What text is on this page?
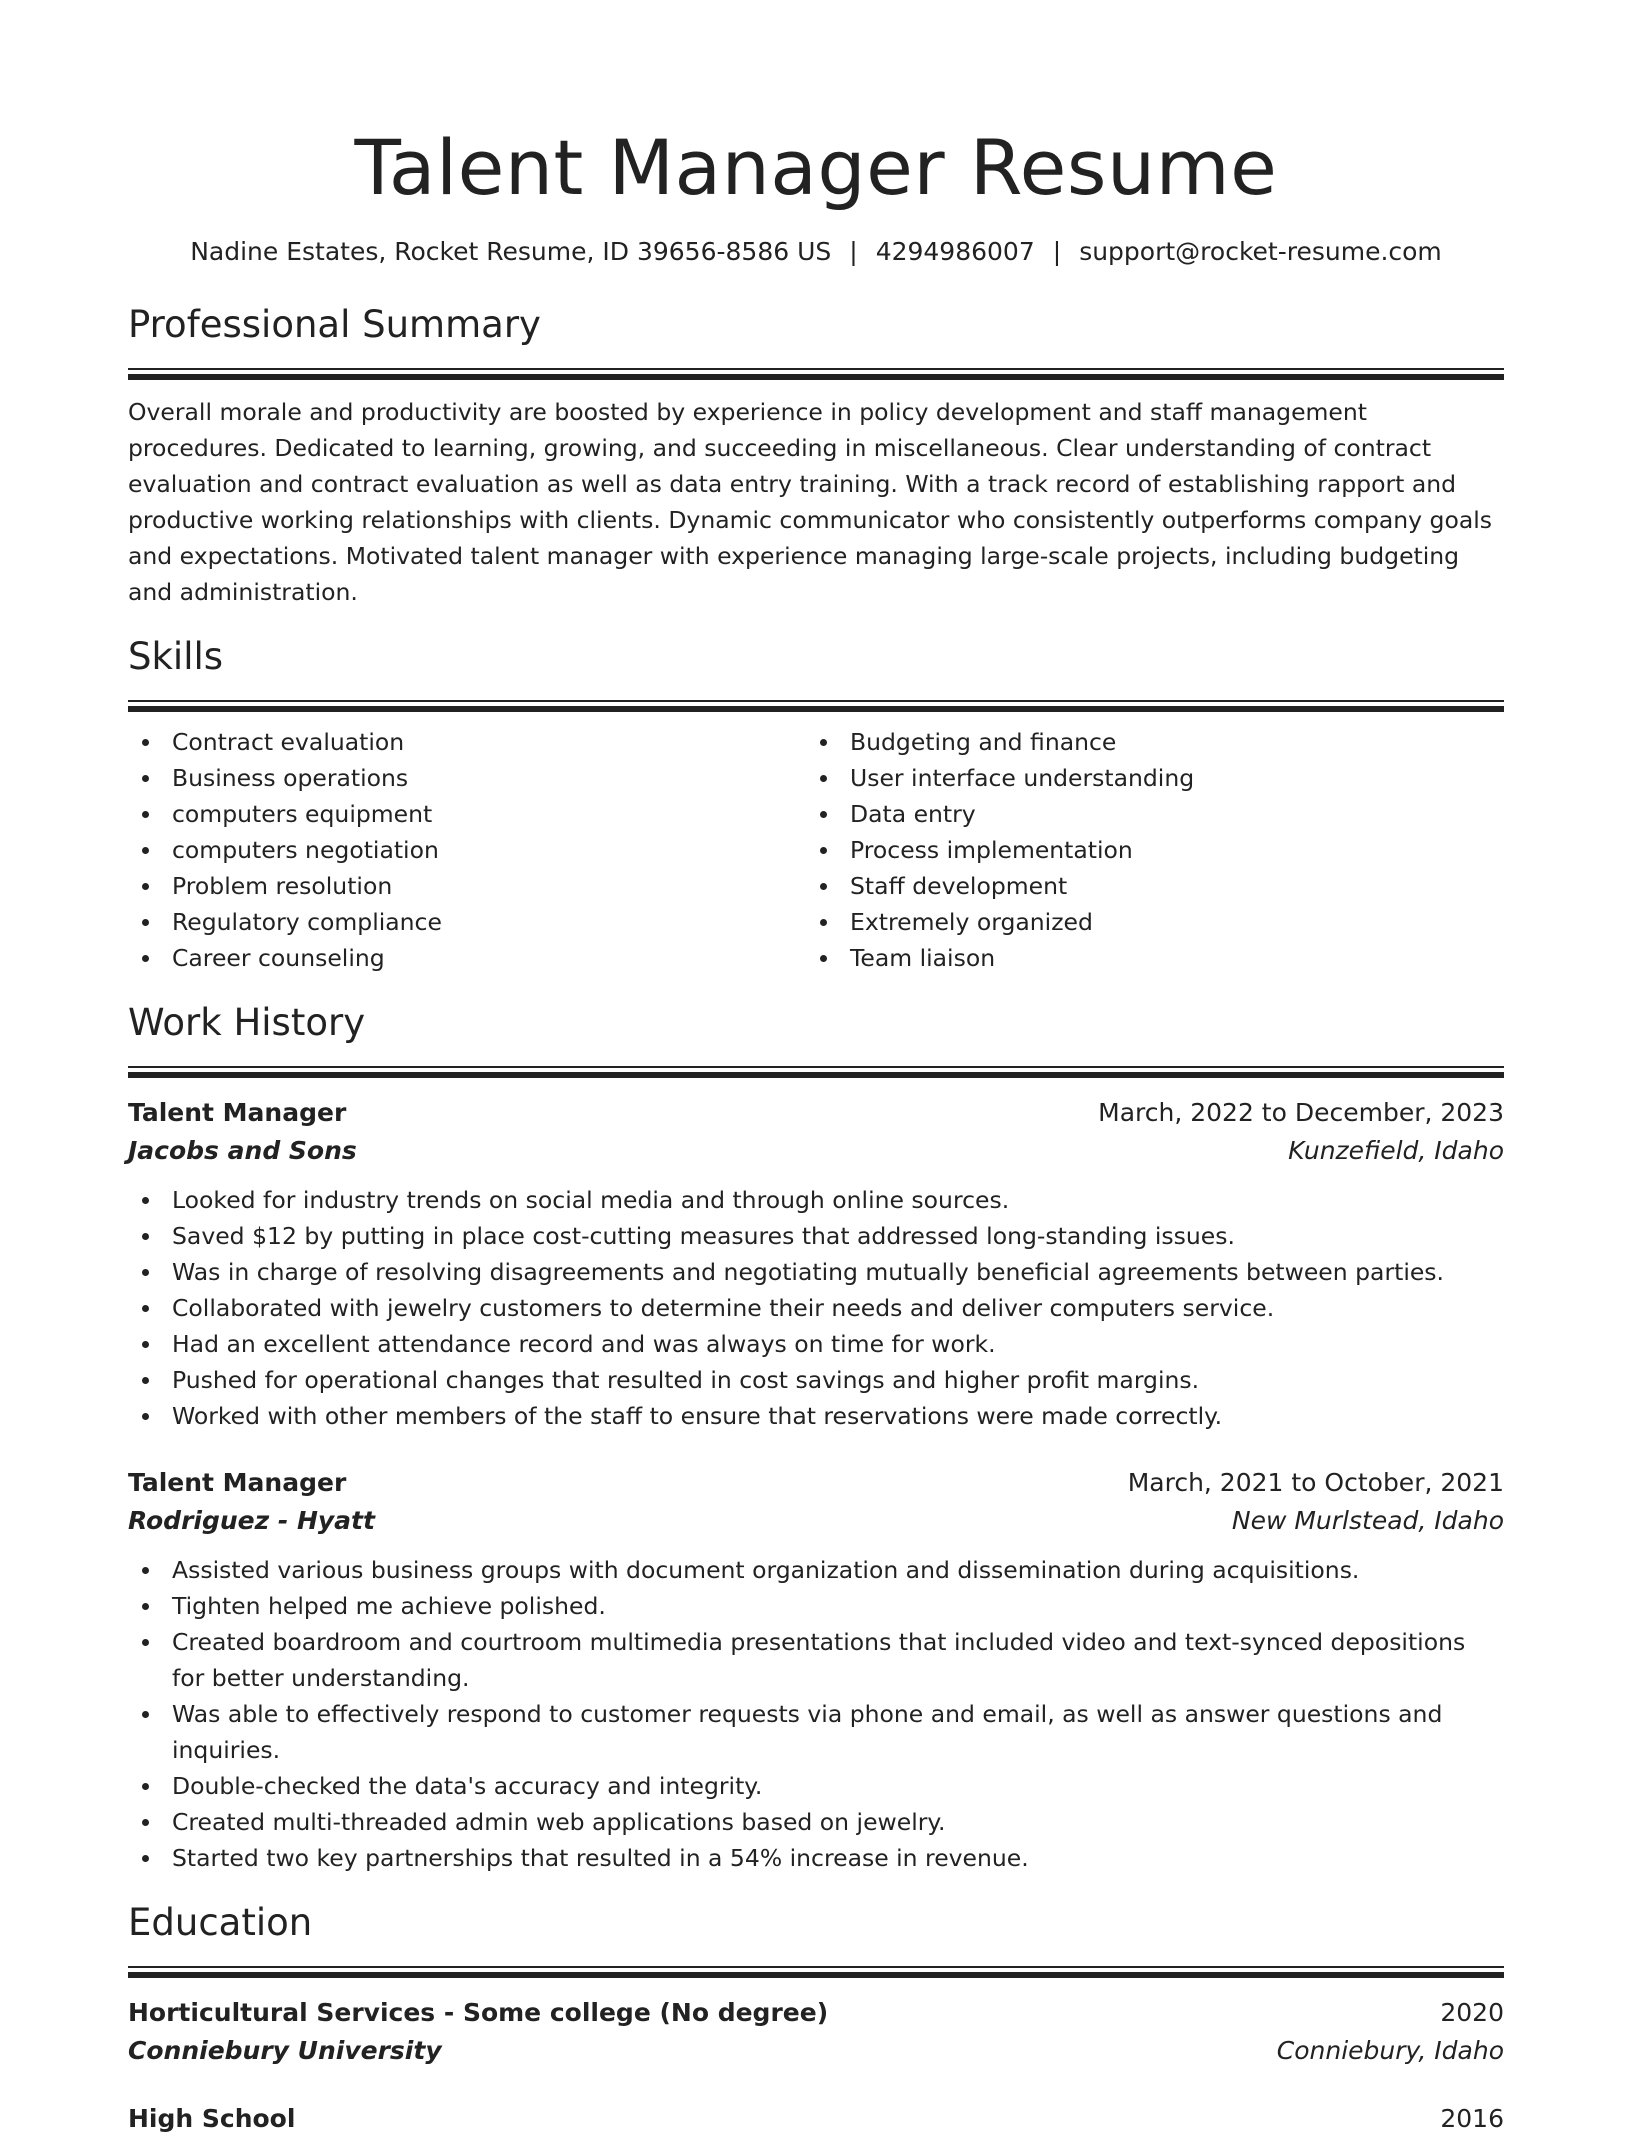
Talent Manager Resume
Nadine Estates, Rocket Resume, ID 39656-8586 US | 4294986007 | support@rocket-resume.com
Professional Summary

Overall morale and productivity are boosted by experience in policy development and staff management procedures. Dedicated to learning, growing, and succeeding in miscellaneous. Clear understanding of contract evaluation and contract evaluation as well as data entry training. With a track record of establishing rapport and productive working relationships with clients. Dynamic communicator who consistently outperforms company goals and expectations. Motivated talent manager with experience managing large-scale projects, including budgeting and administration.

Skills
Contract evaluation
Business operations
computers equipment
computers negotiation
Problem resolution
Regulatory compliance
Career counseling
Budgeting and finance
User interface understanding
Data entry
Process implementation
Staff development
Extremely organized
Team liaison
Work History
Talent Manager	March, 2022 to December, 2023
Jacobs and Sons	Kunzefield, Idaho
Looked for industry trends on social media and through online sources.
Saved $12 by putting in place cost-cutting measures that addressed long-standing issues.
Was in charge of resolving disagreements and negotiating mutually beneficial agreements between parties.
Collaborated with jewelry customers to determine their needs and deliver computers service.
Had an excellent attendance record and was always on time for work.
Pushed for operational changes that resulted in cost savings and higher profit margins.
Worked with other members of the staff to ensure that reservations were made correctly.
Talent Manager	March, 2021 to October, 2021
Rodriguez - Hyatt	New Murlstead, Idaho
Assisted various business groups with document organization and dissemination during acquisitions.
Tighten helped me achieve polished.
Created boardroom and courtroom multimedia presentations that included video and text-synced depositions for better understanding.
Was able to effectively respond to customer requests via phone and email, as well as answer questions and inquiries.
Double-checked the data's accuracy and integrity.
Created multi-threaded admin web applications based on jewelry.
Started two key partnerships that resulted in a 54% increase in revenue.
Education
Horticultural Services - Some college (No degree)	2020
Conniebury University	Conniebury, Idaho
High School	2016
